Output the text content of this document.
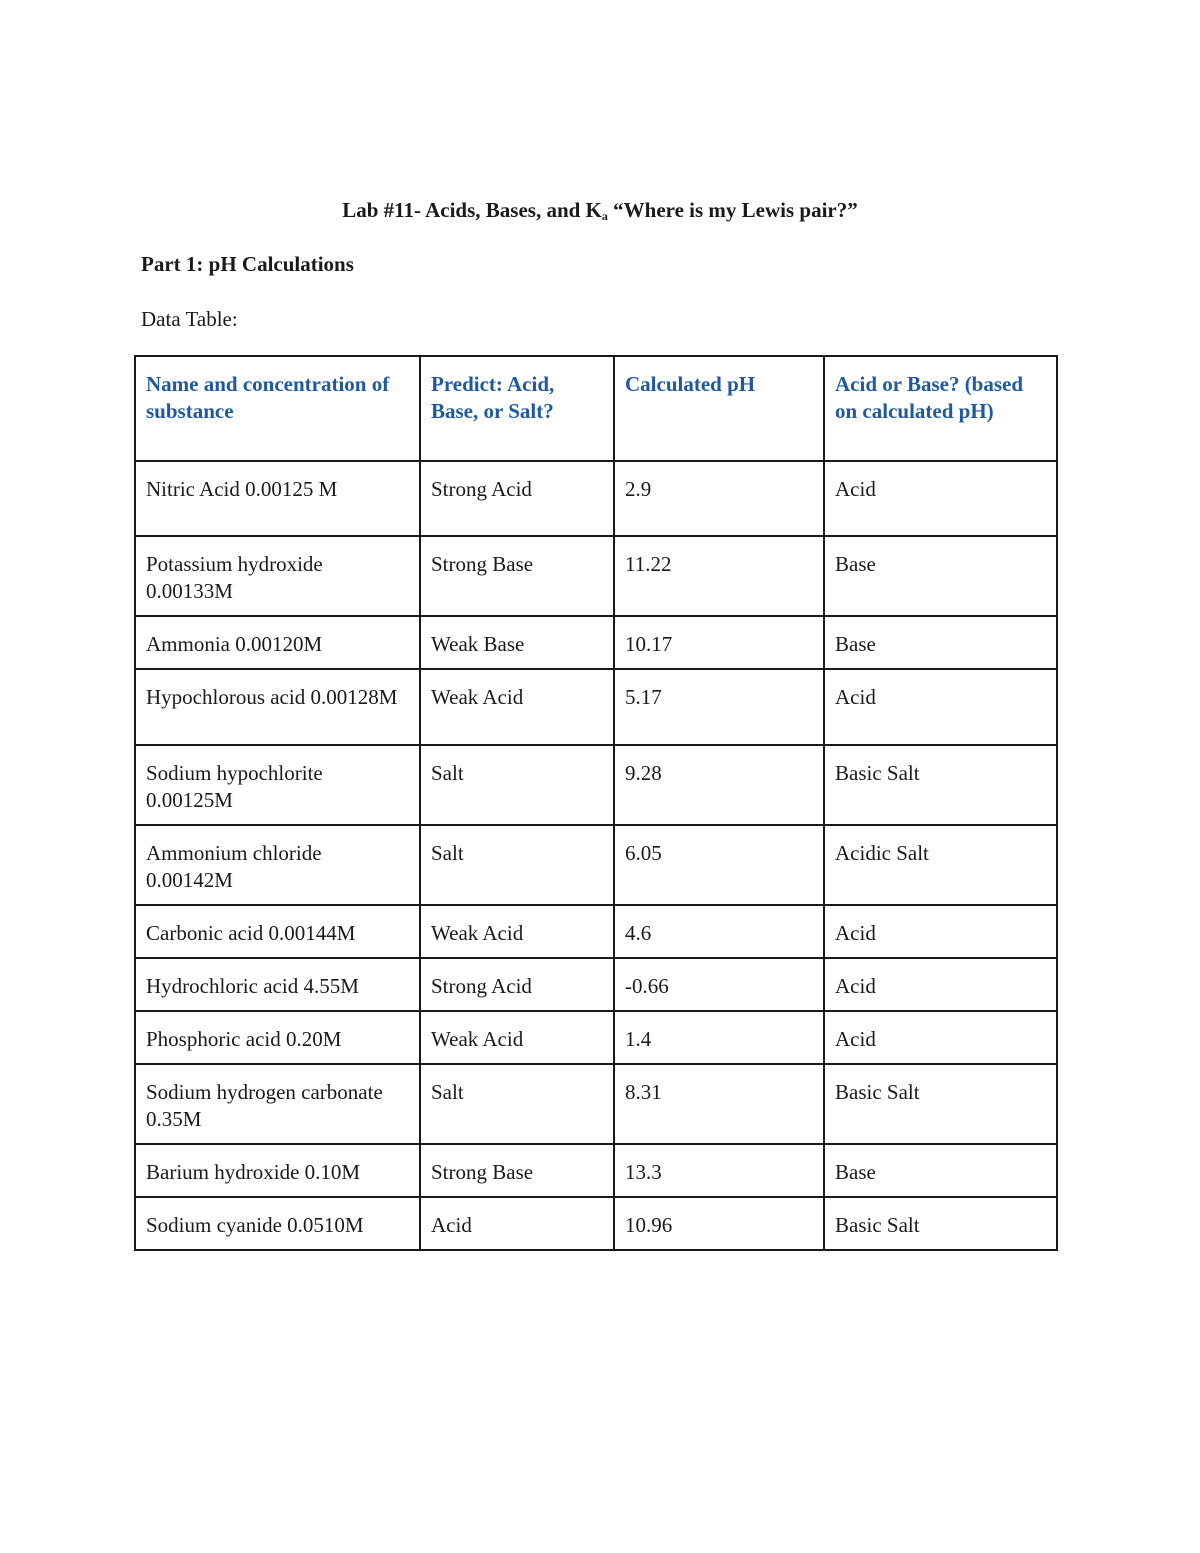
Lab #11- Acids, Bases, and $K_a$ “Where is my Lewis pair?”
Part 1: pH Calculations
Data Table:
Name and concentration of substance	Predict: Acid, Base, or Salt?	Calculated pH	Acid or Base? (based on calculated pH)
Nitric Acid 0.00125 M	Strong Acid	2.9	Acid
Potassium hydroxide 0.00133M	Strong Base	11.22	Base
Ammonia 0.00120M	Weak Base	10.17	Base
Hypochlorous acid 0.00128M	Weak Acid	5.17	Acid
Sodium hypochlorite 0.00125M	Salt	9.28	Basic Salt
Ammonium chloride 0.00142M	Salt	6.05	Acidic Salt
Carbonic acid 0.00144M	Weak Acid	4.6	Acid
Hydrochloric acid 4.55M	Strong Acid	-0.66	Acid
Phosphoric acid 0.20M	Weak Acid	1.4	Acid
Sodium hydrogen carbonate 0.35M	Salt	8.31	Basic Salt
Barium hydroxide 0.10M	Strong Base	13.3	Base
Sodium cyanide 0.0510M	Acid	10.96	Basic Salt
